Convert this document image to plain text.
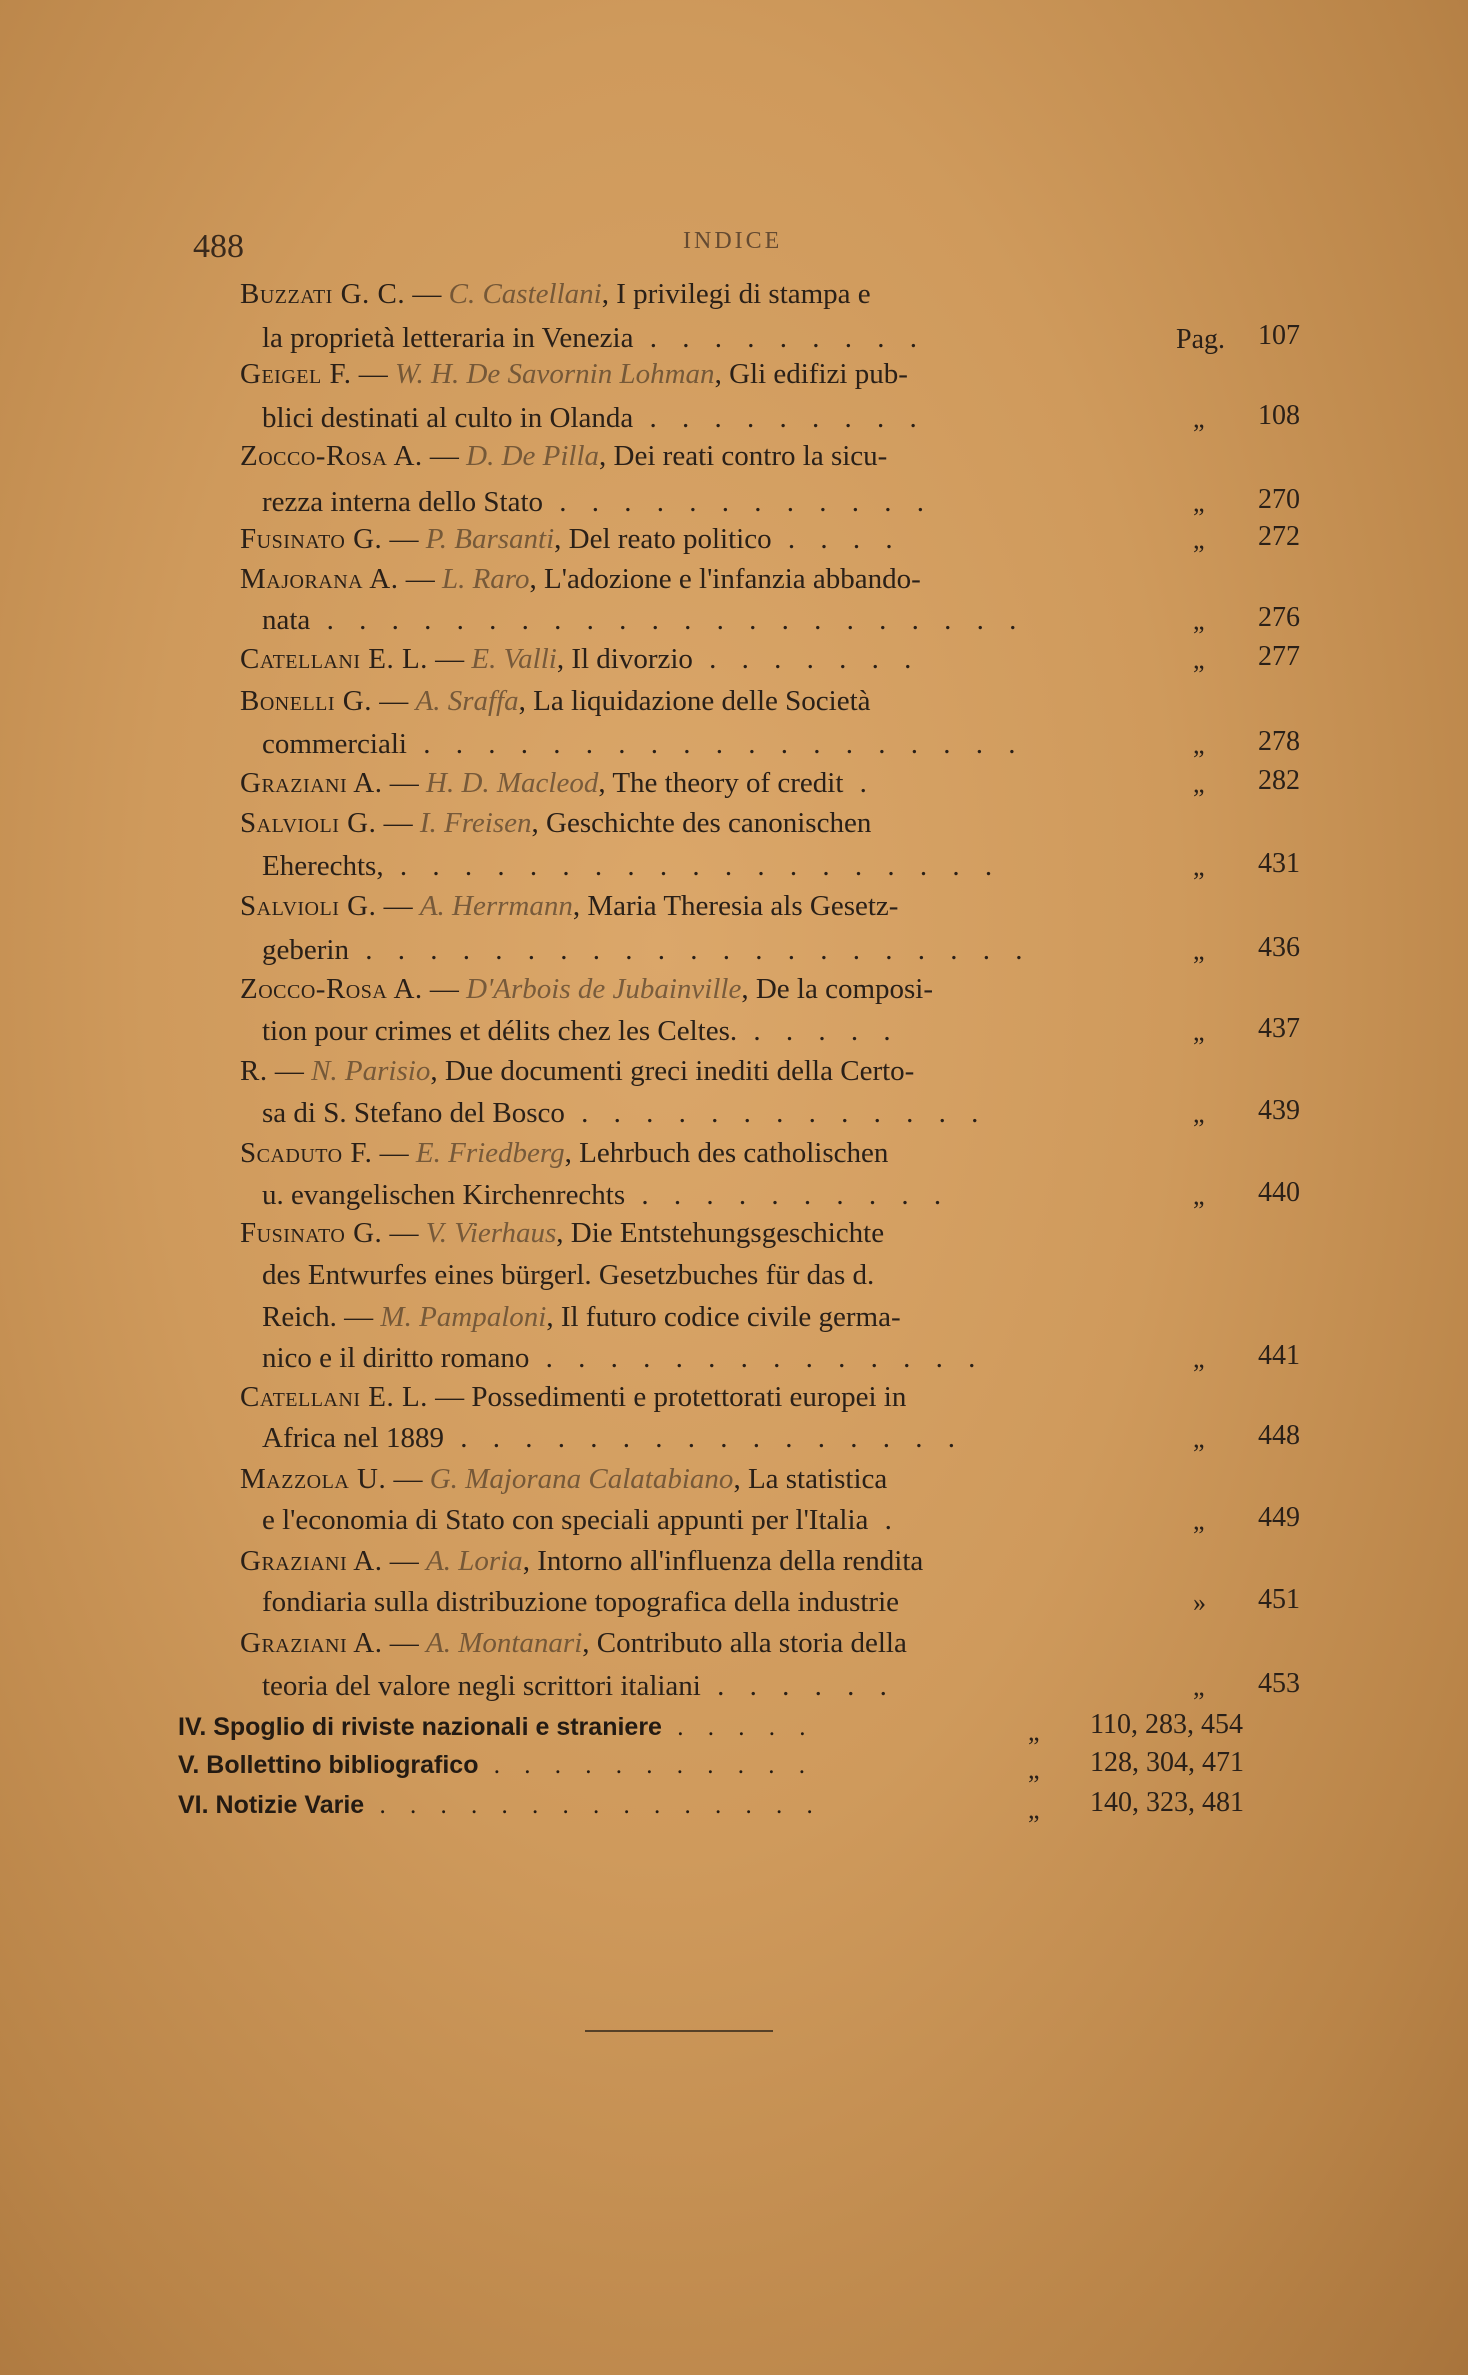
488	INDICE
Buzzati G. C. — C. Castellani, I privilegi di stampa e
la proprietà letteraria in Venezia . . . . . . . . .	Pag. 107
Geigel F. — W. H. De Savornin Lohman, Gli edifizi pub-
blici destinati al culto in Olanda . . . . . . . . .	„ 108
Zocco-Rosa A. — D. De Pilla, Dei reati contro la sicu-
rezza interna dello Stato . . . . . . . . . . . .	„ 270
Fusinato G. — P. Barsanti, Del reato politico . . . .	„ 272
Majorana A. — L. Raro, L'adozione e l'infanzia abbando-
nata . . . . . . . . . . . . . . . . . . . . . .	„ 276
Catellani E. L. — E. Valli, Il divorzio . . . . . . .	„ 277
Bonelli G. — A. Sraffa, La liquidazione delle Società
commerciali . . . . . . . . . . . . . . . . . . .	„ 278
Graziani A. — H. D. Macleod, The theory of credit .	„ 282
Salvioli G. — I. Freisen, Geschichte des canonischen
Eherechts, . . . . . . . . . . . . . . . . . . .	„ 431
Salvioli G. — A. Herrmann, Maria Theresia als Gesetz-
geberin . . . . . . . . . . . . . . . . . . . . .	„ 436
Zocco-Rosa A. — D'Arbois de Jubainville, De la composi-
tion pour crimes et délits chez les Celtes. . . . . .	„ 437
R. — N. Parisio, Due documenti greci inediti della Certo-
sa di S. Stefano del Bosco . . . . . . . . . . . . .	„ 439
Scaduto F. — E. Friedberg, Lehrbuch des catholischen
u. evangelischen Kirchenrechts . . . . . . . . . .	„ 440
Fusinato G. — V. Vierhaus, Die Entstehungsgeschichte
des Entwurfes eines bürgerl. Gesetzbuches für das d.
Reich. — M. Pampaloni, Il futuro codice civile germa-
nico e il diritto romano . . . . . . . . . . . . . .	„ 441
Catellani E. L. — Possedimenti e protettorati europei in
Africa nel 1889 . . . . . . . . . . . . . . . .	„ 448
Mazzola U. — G. Majorana Calatabiano, La statistica
e l'economia di Stato con speciali appunti per l'Italia .	„ 449
Graziani A. — A. Loria, Intorno all'influenza della rendita
fondiaria sulla distribuzione topografica della industrie	» 451
Graziani A. — A. Montanari, Contributo alla storia della
teoria del valore negli scrittori italiani . . . . . .	„ 453
IV. Spoglio di riviste nazionali e straniere . . . . .	„ 110, 283, 454
V. Bollettino bibliografico . . . . . . . . . . .	„ 128, 304, 471
VI. Notizie Varie . . . . . . . . . . . . . . .	„ 140, 323, 481
